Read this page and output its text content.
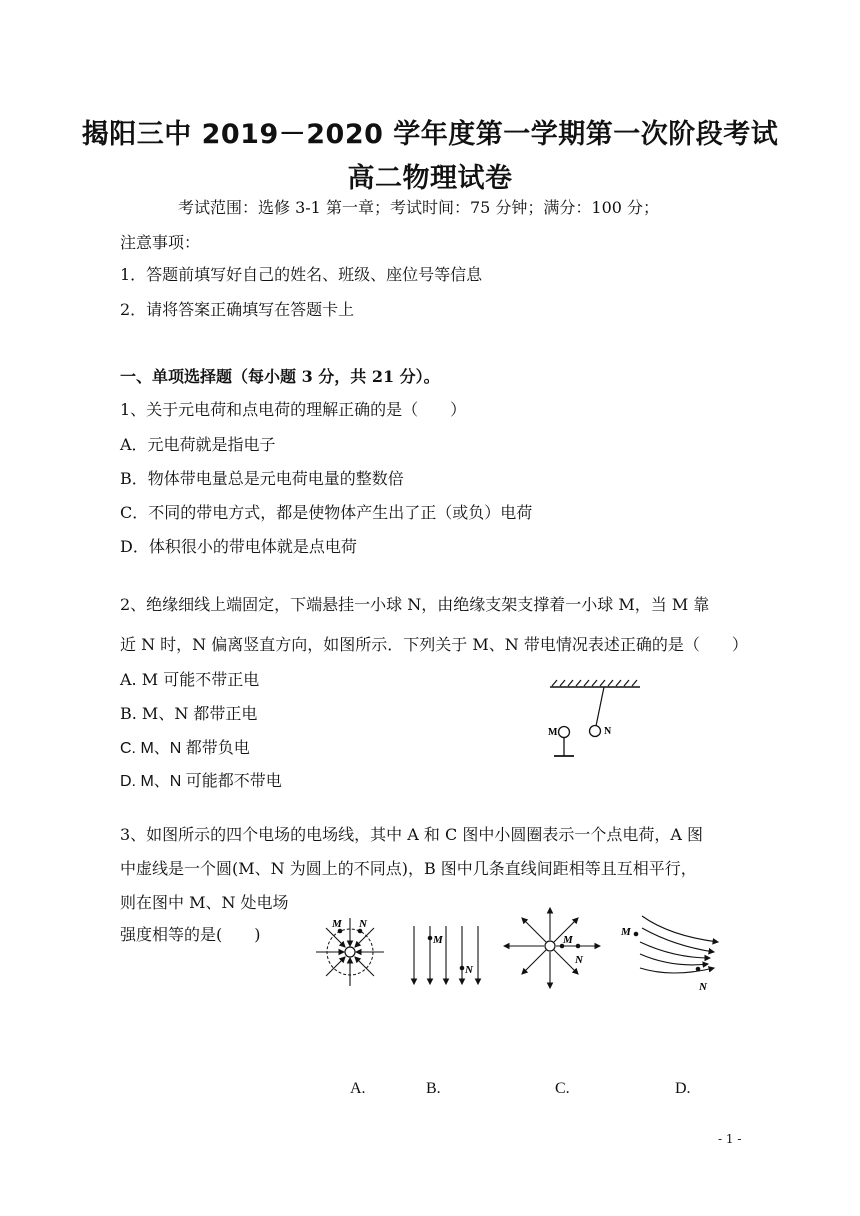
揭阳三中 2019－2020 学年度第一学期第一次阶段考试
高二物理试卷
考试范围：选修 3-1 第一章；考试时间：75 分钟；满分：100 分；
注意事项：
1．答题前填写好自己的姓名、班级、座位号等信息
2．请将答案正确填写在答题卡上
一、单项选择题（每小题 3 分，共 21 分）。
1、关于元电荷和点电荷的理解正确的是（　　）
A．元电荷就是指电子
B．物体带电量总是元电荷电量的整数倍
C．不同的带电方式，都是使物体产生出了正（或负）电荷
D．体积很小的带电体就是点电荷
2、绝缘细线上端固定，下端悬挂一小球 N，由绝缘支架支撑着一小球 M，当 M 靠
近 N 时，N 偏离竖直方向，如图所示．下列关于 M、N 带电情况表述正确的是（　　）
A. M 可能不带正电
B. M、N 都带正电
C. M、N 都带负电
D. M、N 可能都不带电
N
M
3、如图所示的四个电场的电场线，其中 A 和 C 图中小圆圈表示一个点电荷，A 图
中虚线是一个圆(M、N 为圆上的不同点)，B 图中几条直线间距相等且互相平行，
则在图中 M、N 处电场
强度相等的是(　　)
M N
M
N
M
N
M
N
A.	B.	C.	D.
- 1 -
